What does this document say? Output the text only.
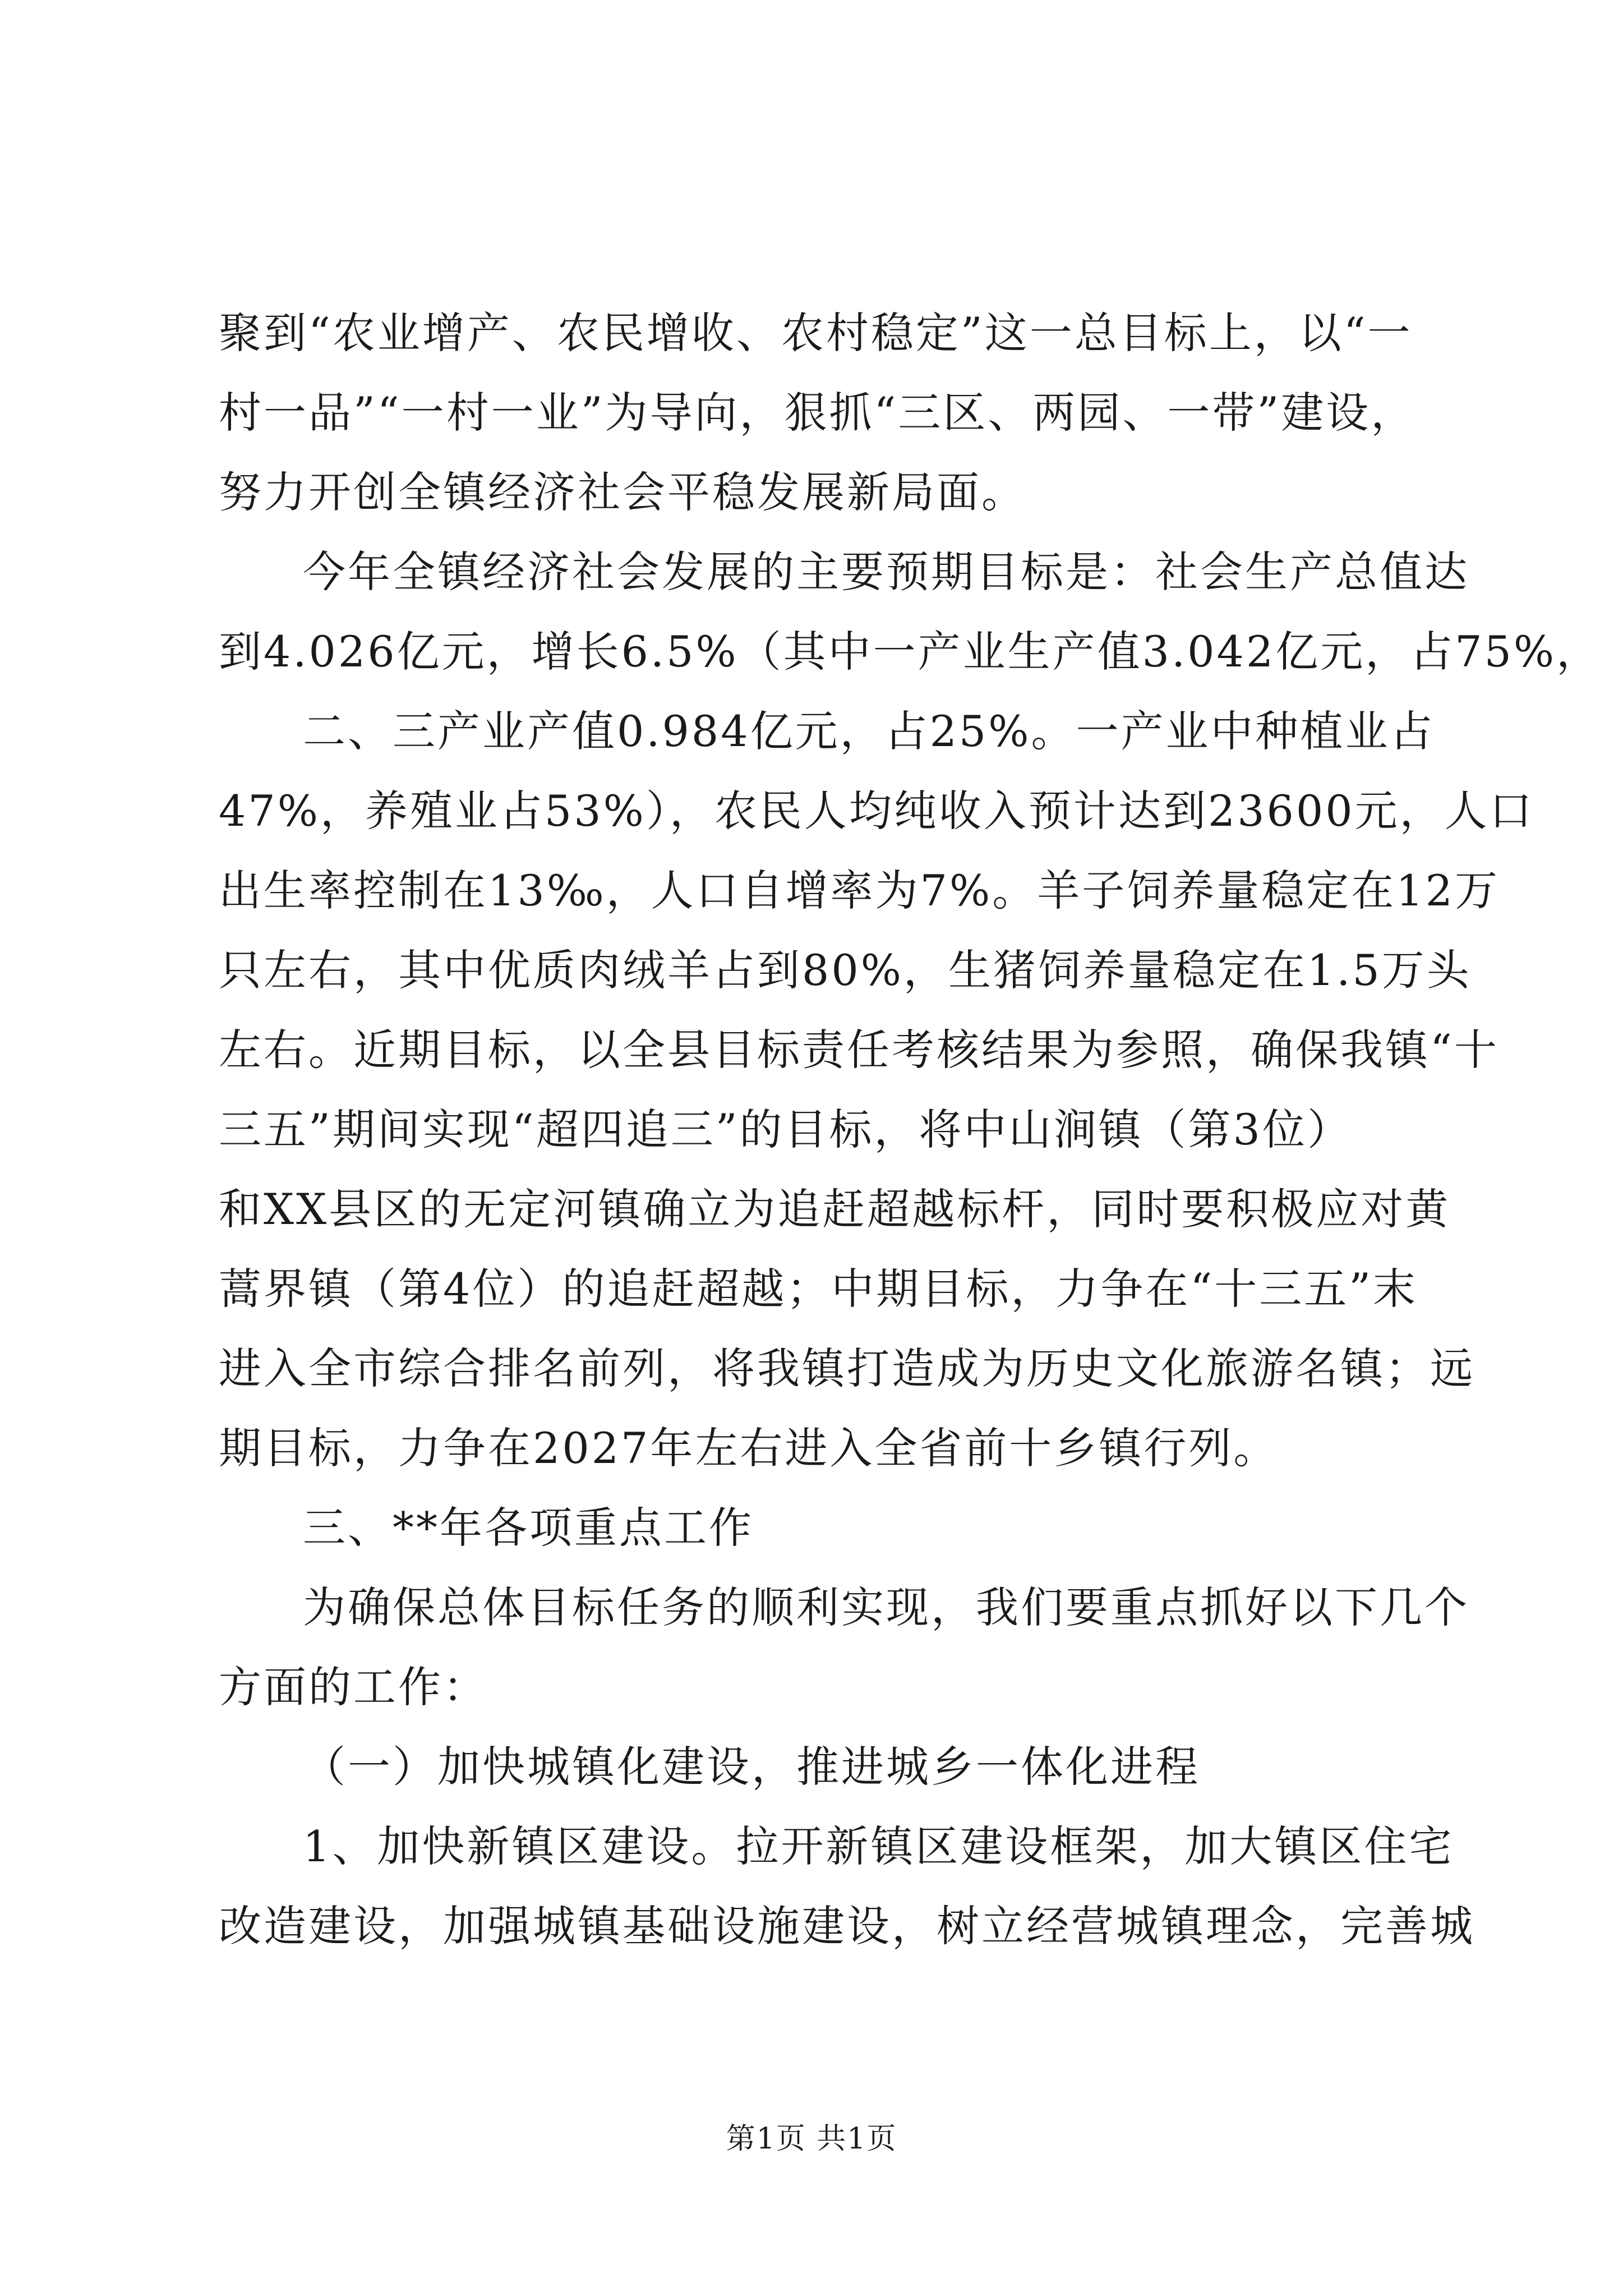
聚到“农业增产、农民增收、农村稳定”这一总目标上，以“一
村一品”“一村一业”为导向，狠抓“三区、两园、一带”建设，
努力开创全镇经济社会平稳发展新局面。
今年全镇经济社会发展的主要预期目标是：社会生产总值达
到4.026亿元，增长6.5%（其中一产业生产值3.042亿元，占75%，
二、三产业产值0.984亿元，占25%。一产业中种植业占
47%，养殖业占53%），农民人均纯收入预计达到23600元，人口
出生率控制在13‰，人口自增率为7%。羊子饲养量稳定在12万
只左右，其中优质肉绒羊占到80%，生猪饲养量稳定在1.5万头
左右。近期目标，以全县目标责任考核结果为参照，确保我镇“十
三五”期间实现“超四追三”的目标，将中山涧镇（第3位）
和XX县区的无定河镇确立为追赶超越标杆，同时要积极应对黄
蒿界镇（第4位）的追赶超越；中期目标，力争在“十三五”末
进入全市综合排名前列，将我镇打造成为历史文化旅游名镇；远
期目标，力争在2027年左右进入全省前十乡镇行列。
三、**年各项重点工作
为确保总体目标任务的顺利实现，我们要重点抓好以下几个
方面的工作：
（一）加快城镇化建设，推进城乡一体化进程
1、加快新镇区建设。拉开新镇区建设框架，加大镇区住宅
改造建设，加强城镇基础设施建设，树立经营城镇理念，完善城
第1页 共1页
